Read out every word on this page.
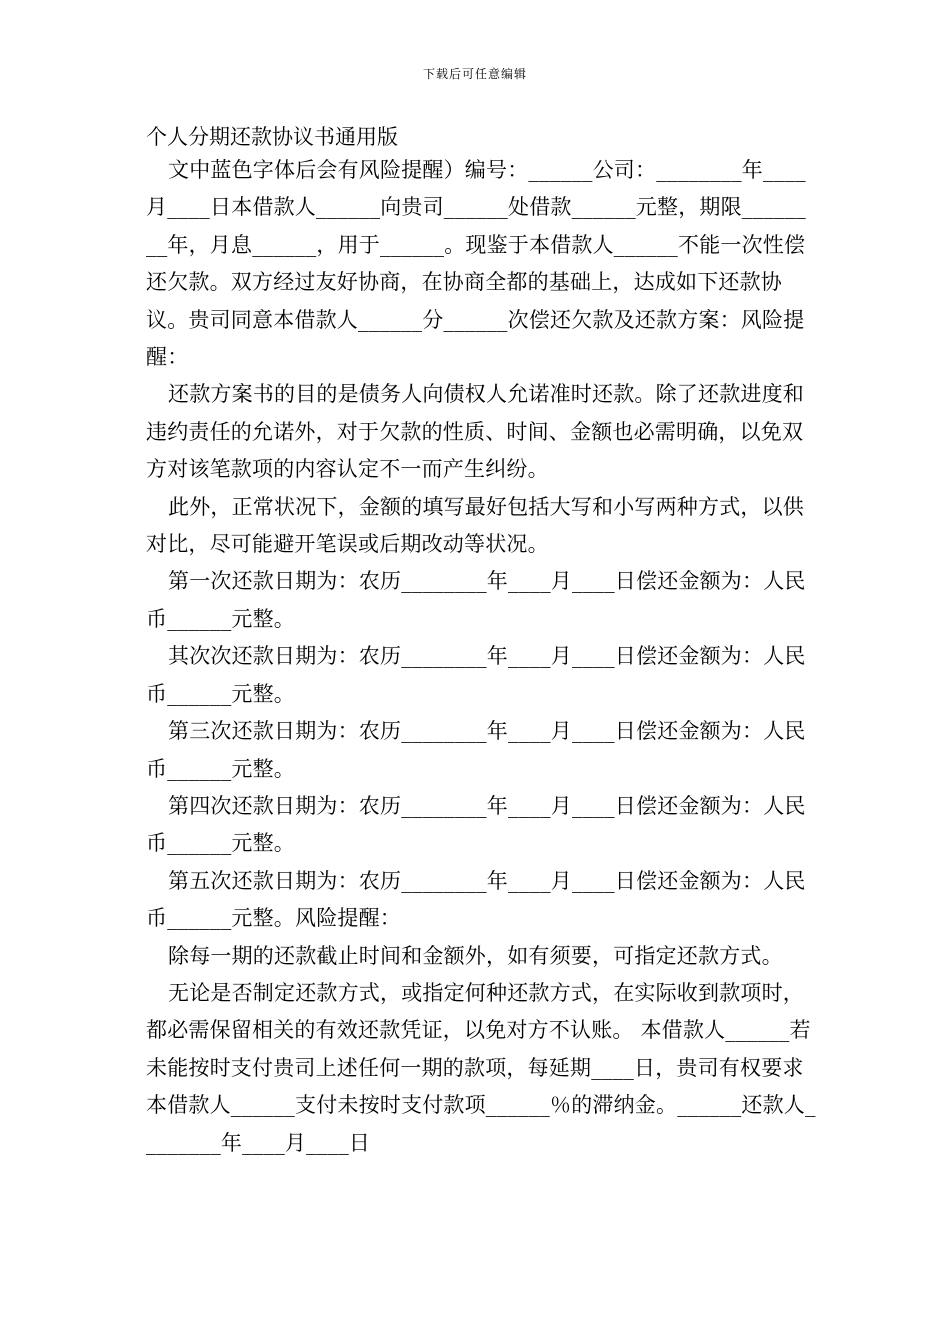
下载后可任意编辑
个人分期还款协议书通用版

文中蓝色字体后会有风险提醒）编号：______公司：________年____月____日本借款人______向贵司______处借款______元整，期限________年，月息______，用于______。现鉴于本借款人______不能一次性偿还欠款。双方经过友好协商，在协商全都的基础上，达成如下还款协议。贵司同意本借款人______分______次偿还欠款及还款方案：风险提醒：

还款方案书的目的是债务人向债权人允诺准时还款。除了还款进度和违约责任的允诺外，对于欠款的性质、时间、金额也必需明确，以免双方对该笔款项的内容认定不一而产生纠纷。

此外，正常状况下，金额的填写最好包括大写和小写两种方式，以供对比，尽可能避开笔误或后期改动等状况。

第一次还款日期为：农历________年____月____日偿还金额为：人民币______元整。

其次次还款日期为：农历________年____月____日偿还金额为：人民币______元整。

第三次还款日期为：农历________年____月____日偿还金额为：人民币______元整。

第四次还款日期为：农历________年____月____日偿还金额为：人民币______元整。

第五次还款日期为：农历________年____月____日偿还金额为：人民币______元整。风险提醒：

除每一期的还款截止时间和金额外，如有须要，可指定还款方式。

无论是否制定还款方式，或指定何种还款方式，在实际收到款项时，都必需保留相关的有效还款凭证，以免对方不认账。 本借款人______若未能按时支付贵司上述任何一期的款项，每延期____日，贵司有权要求本借款人______支付未按时支付款项______％的滞纳金。______还款人________年____月____日
